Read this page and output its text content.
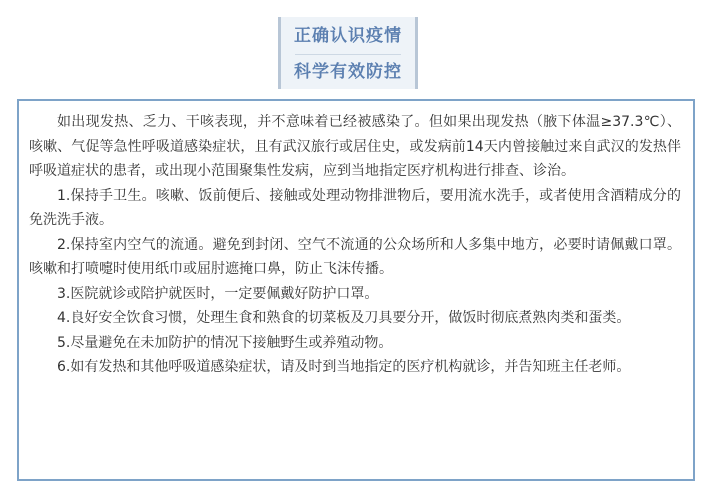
正确认识疫情
科学有效防控

如出现发热、乏力、干咳表现，并不意味着已经被感染了。但如果出现发热（腋下体温≥37.3℃）、咳嗽、气促等急性呼吸道感染症状，且有武汉旅行或居住史，或发病前14天内曾接触过来自武汉的发热伴呼吸道症状的患者，或出现小范围聚集性发病，应到当地指定医疗机构进行排查、诊治。

1.保持手卫生。咳嗽、饭前便后、接触或处理动物排泄物后，要用流水洗手，或者使用含酒精成分的免洗洗手液。

2.保持室内空气的流通。避免到封闭、空气不流通的公众场所和人多集中地方，必要时请佩戴口罩。咳嗽和打喷嚏时使用纸巾或屈肘遮掩口鼻，防止飞沫传播。

3.医院就诊或陪护就医时，一定要佩戴好防护口罩。

4.良好安全饮食习惯，处理生食和熟食的切菜板及刀具要分开，做饭时彻底煮熟肉类和蛋类。

5.尽量避免在未加防护的情况下接触野生或养殖动物。

6.如有发热和其他呼吸道感染症状，请及时到当地指定的医疗机构就诊，并告知班主任老师。
